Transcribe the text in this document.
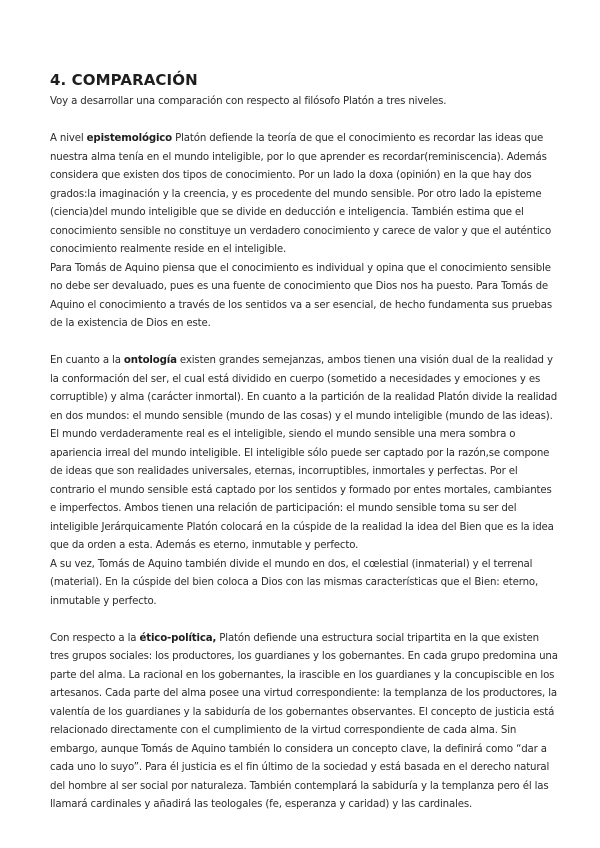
4. COMPARACIÓN

Voy a desarrollar una comparación con respecto al filósofo Platón a tres niveles.

A nivel epistemológico Platón defiende la teoría de que el conocimiento es recordar las ideas que nuestra alma tenía en el mundo inteligible, por lo que aprender es recordar(reminiscencia). Además considera que existen dos tipos de conocimiento. Por un lado la doxa (opinión) en la que hay dos grados:la imaginación y la creencia, y es procedente del mundo sensible. Por otro lado la episteme (ciencia)del mundo inteligible que se divide en deducción e inteligencia. También estima que el conocimiento sensible no constituye un verdadero conocimiento y carece de valor y que el auténtico conocimiento realmente reside en el inteligible.

Para Tomás de Aquino piensa que el conocimiento es individual y opina que el conocimiento sensible no debe ser devaluado, pues es una fuente de conocimiento que Dios nos ha puesto. Para Tomás de Aquino el conocimiento a través de los sentidos va a ser esencial, de hecho fundamenta sus pruebas de la existencia de Dios en este.

En cuanto a la ontología existen grandes semejanzas, ambos tienen una visión dual de la realidad y la conformación del ser, el cual está dividido en cuerpo (sometido a necesidades y emociones y es corruptible) y alma (carácter inmortal). En cuanto a la partición de la realidad Platón divide la realidad en dos mundos: el mundo sensible (mundo de las cosas) y el mundo inteligible (mundo de las ideas). El mundo verdaderamente real es el inteligible, siendo el mundo sensible una mera sombra o apariencia irreal del mundo inteligible. El inteligible sólo puede ser captado por la razón,se compone de ideas que son realidades universales, eternas, incorruptibles, inmortales y perfectas. Por el contrario el mundo sensible está captado por los sentidos y formado por entes mortales, cambiantes e imperfectos. Ambos tienen una relación de participación: el mundo sensible toma su ser del inteligible Jerárquicamente Platón colocará en la cúspide de la realidad la idea del Bien que es la idea que da orden a esta. Además es eterno, inmutable y perfecto.

A su vez, Tomás de Aquino también divide el mundo en dos, el cœlestial (inmaterial) y el terrenal (material). En la cúspide del bien coloca a Dios con las mismas características que el Bien: eterno, inmutable y perfecto.

Con respecto a la ético-política, Platón defiende una estructura social tripartita en la que existen tres grupos sociales: los productores, los guardianes y los gobernantes. En cada grupo predomina una parte del alma. La racional en los gobernantes, la irascible en los guardianes y la concupiscible en los artesanos. Cada parte del alma posee una virtud correspondiente: la templanza de los productores, la valentía de los guardianes y la sabiduría de los gobernantes observantes. El concepto de justicia está relacionado directamente con el cumplimiento de la virtud correspondiente de cada alma. Sin embargo, aunque Tomás de Aquino también lo considera un concepto clave, la definirá como “dar a cada uno lo suyo”. Para él justicia es el fin último de la sociedad y está basada en el derecho natural del hombre al ser social por naturaleza. También contemplará la sabiduría y la templanza pero él las llamará cardinales y añadirá las teologales (fe, esperanza y caridad) y las cardinales.
